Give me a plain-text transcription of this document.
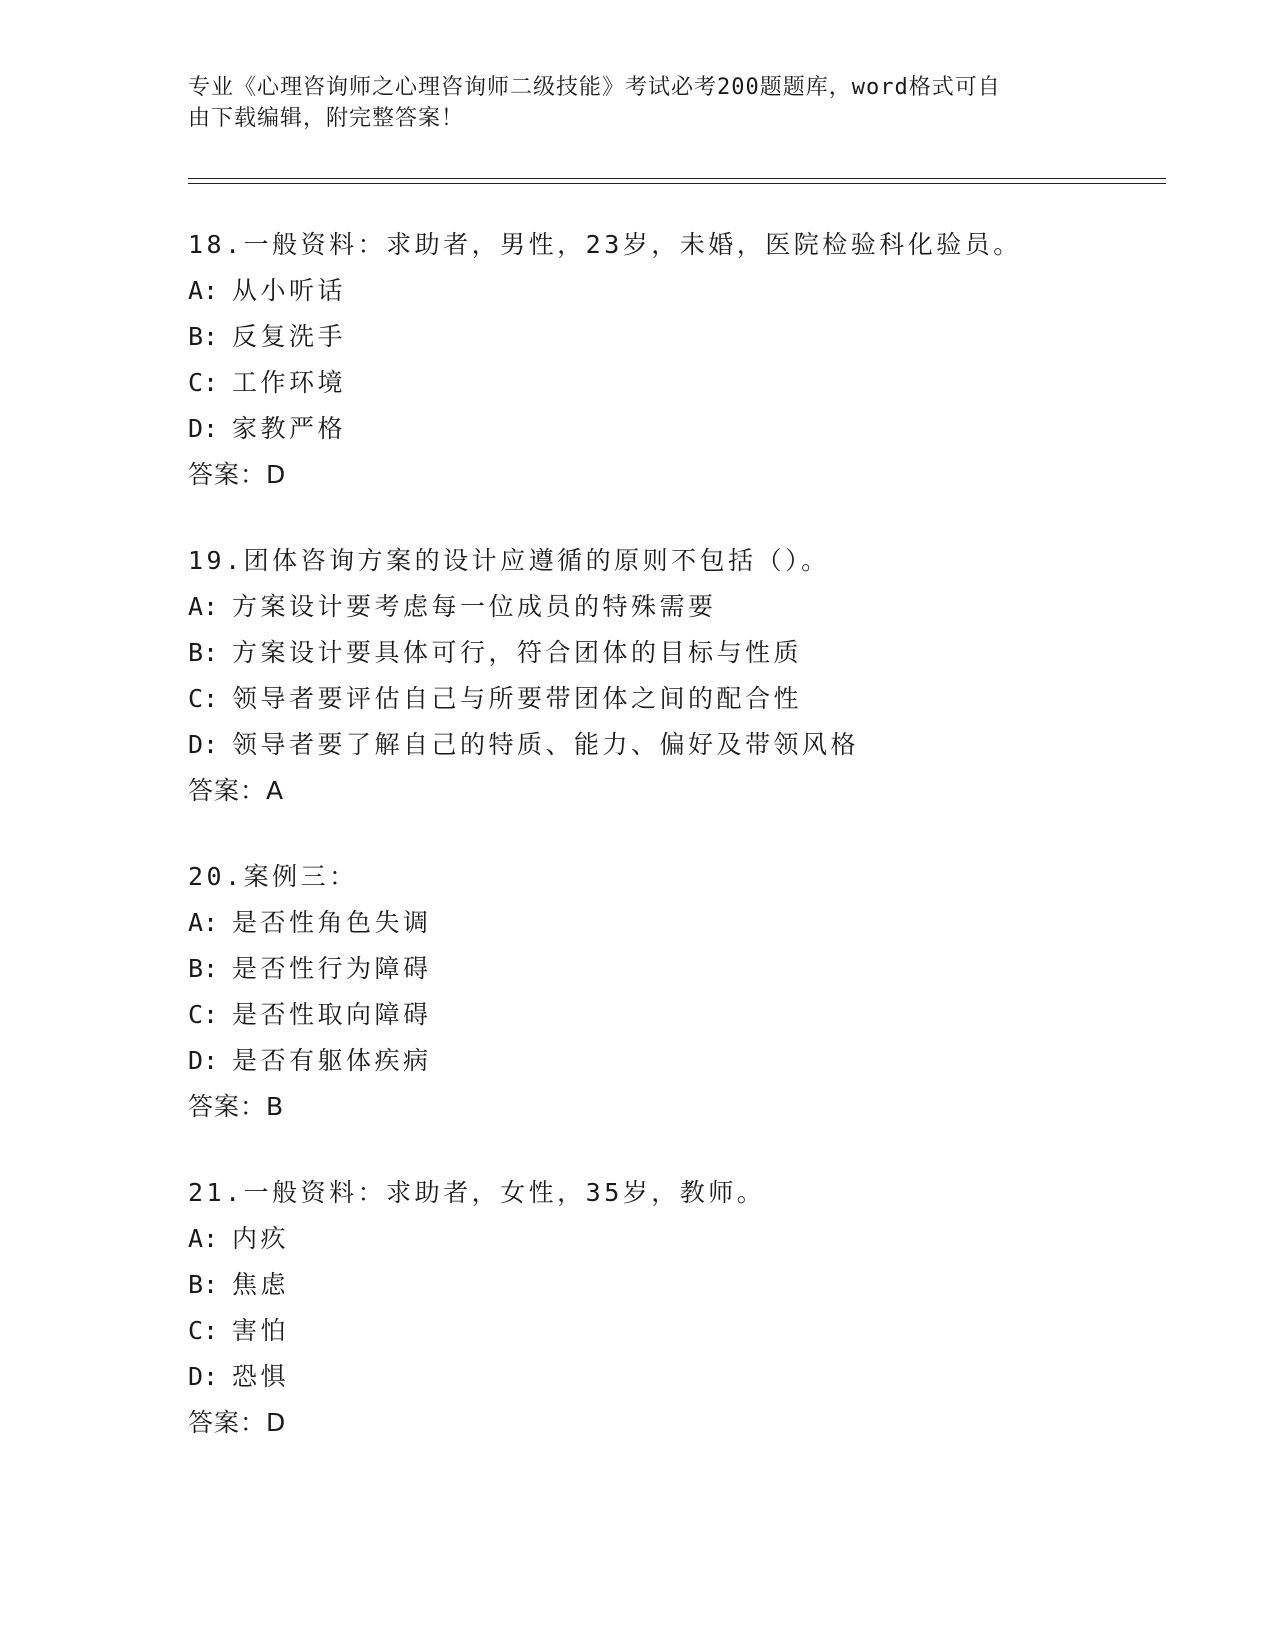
专业《心理咨询师之心理咨询师二级技能》考试必考200题题库，word格式可自
由下载编辑，附完整答案！
18.一般资料：求助者，男性，23岁，未婚，医院检验科化验员。
A: 从小听话
B: 反复洗手
C: 工作环境
D: 家教严格
答案：D
19.团体咨询方案的设计应遵循的原则不包括（）。
A: 方案设计要考虑每一位成员的特殊需要
B: 方案设计要具体可行，符合团体的目标与性质
C: 领导者要评估自己与所要带团体之间的配合性
D: 领导者要了解自己的特质、能力、偏好及带领风格
答案：A
20.案例三：
A: 是否性角色失调
B: 是否性行为障碍
C: 是否性取向障碍
D: 是否有躯体疾病
答案：B
21.一般资料：求助者，女性，35岁，教师。
A: 内疚
B: 焦虑
C: 害怕
D: 恐惧
答案：D
